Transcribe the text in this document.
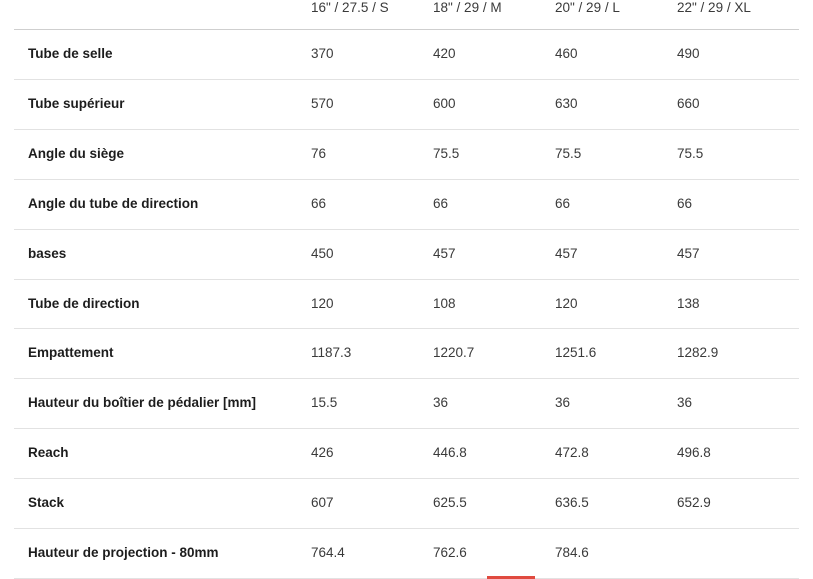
	16" / 27.5 / S	18" / 29 / M	20" / 29 / L	22" / 29 / XL
Tube de selle	370	420	460	490
Tube supérieur	570	600	630	660
Angle du siège	76	75.5	75.5	75.5
Angle du tube de direction	66	66	66	66
bases	450	457	457	457
Tube de direction	120	108	120	138
Empattement	1187.3	1220.7	1251.6	1282.9
Hauteur du boîtier de pédalier [mm]	15.5	36	36	36
Reach	426	446.8	472.8	496.8
Stack	607	625.5	636.5	652.9
Hauteur de projection - 80mm	764.4	762.6	784.6	
